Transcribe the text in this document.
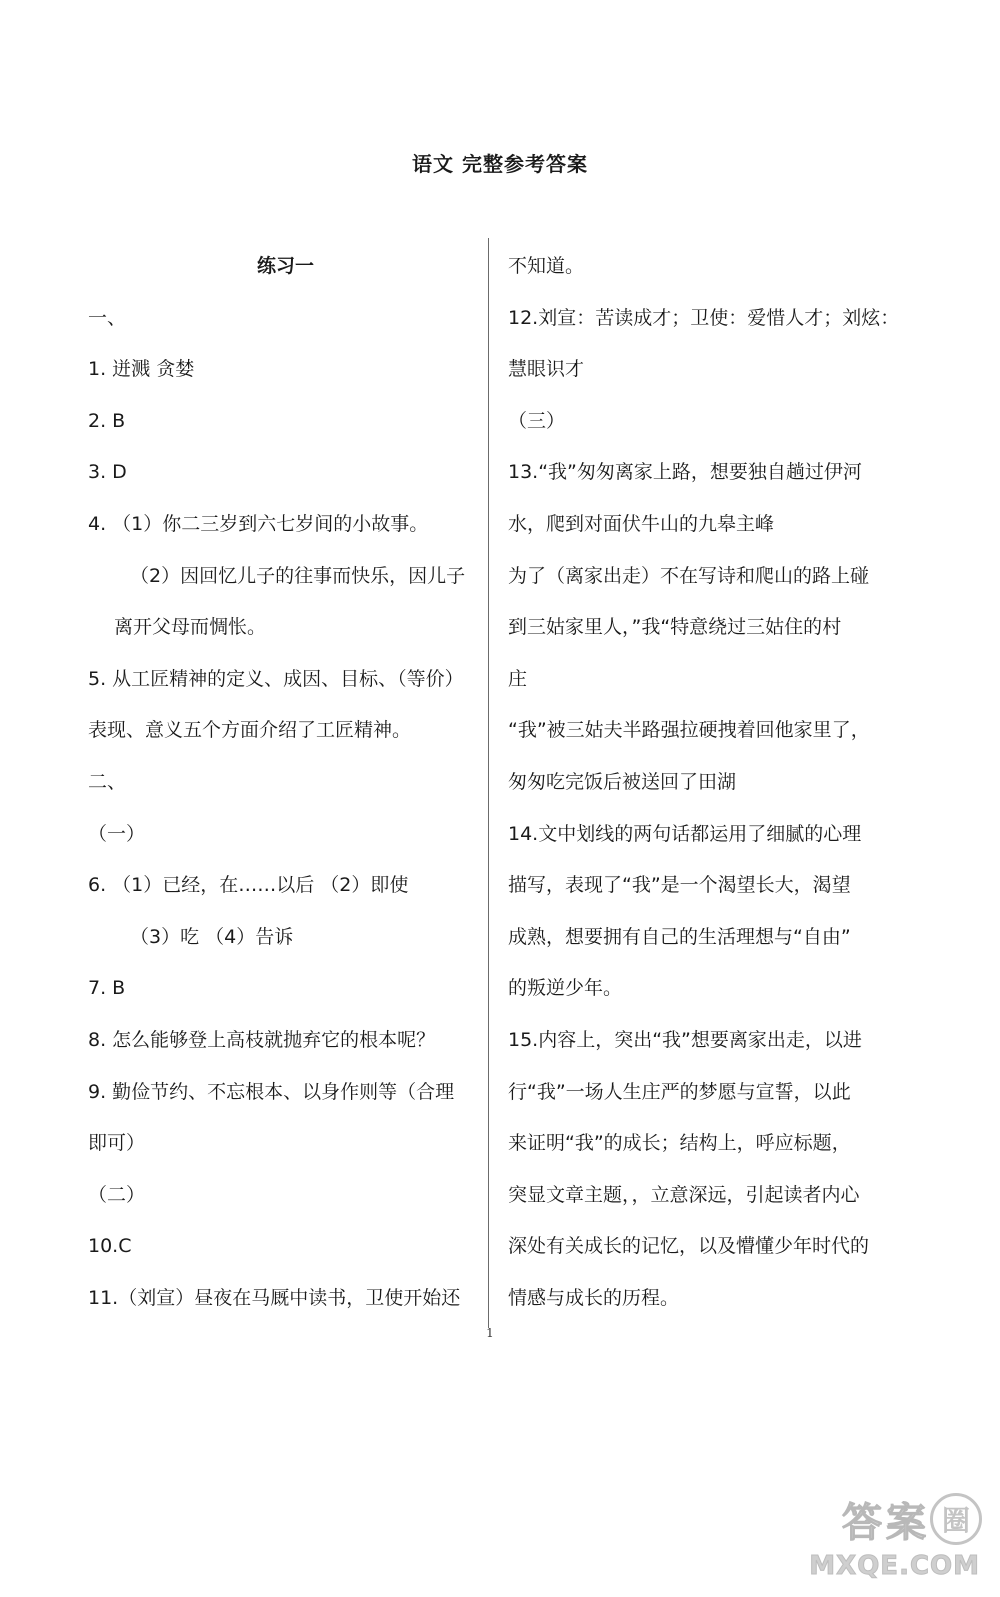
语文 完整参考答案
练习一
一、
1. 迸溅 贪婪
2. B
3. D
4. （1）你二三岁到六七岁间的小故事。
（2）因回忆儿子的往事而快乐，因儿子
离开父母而惆怅。
5. 从工匠精神的定义、成因、目标、（等价）
表现、意义五个方面介绍了工匠精神。
二、
（一）
6. （1）已经，在……以后 （2）即使
（3）吃 （4）告诉
7. B
8. 怎么能够登上高枝就抛弃它的根本呢？
9. 勤俭节约、不忘根本、以身作则等（合理
即可）
（二）
10.C
11.（刘宣）昼夜在马厩中读书，卫使开始还
不知道。
12.刘宣：苦读成才；卫使：爱惜人才；刘炫：
慧眼识才
（三）
13.“我”匆匆离家上路，想要独自趟过伊河
水，爬到对面伏牛山的九皋主峰
为了（离家出走）不在写诗和爬山的路上碰
到三姑家里人，”我“特意绕过三姑住的村
庄
“我”被三姑夫半路强拉硬拽着回他家里了，
匆匆吃完饭后被送回了田湖
14.文中划线的两句话都运用了细腻的心理
描写，表现了“我”是一个渴望长大，渴望
成熟，想要拥有自己的生活理想与“自由”
的叛逆少年。
15.内容上，突出“我”想要离家出走，以进
行“我”一场人生庄严的梦愿与宣誓，以此
来证明“我”的成长；结构上，呼应标题，
突显文章主题，，立意深远，引起读者内心
深处有关成长的记忆，以及懵懂少年时代的
情感与成长的历程。
1
答 案 圈
MXQE.COM
